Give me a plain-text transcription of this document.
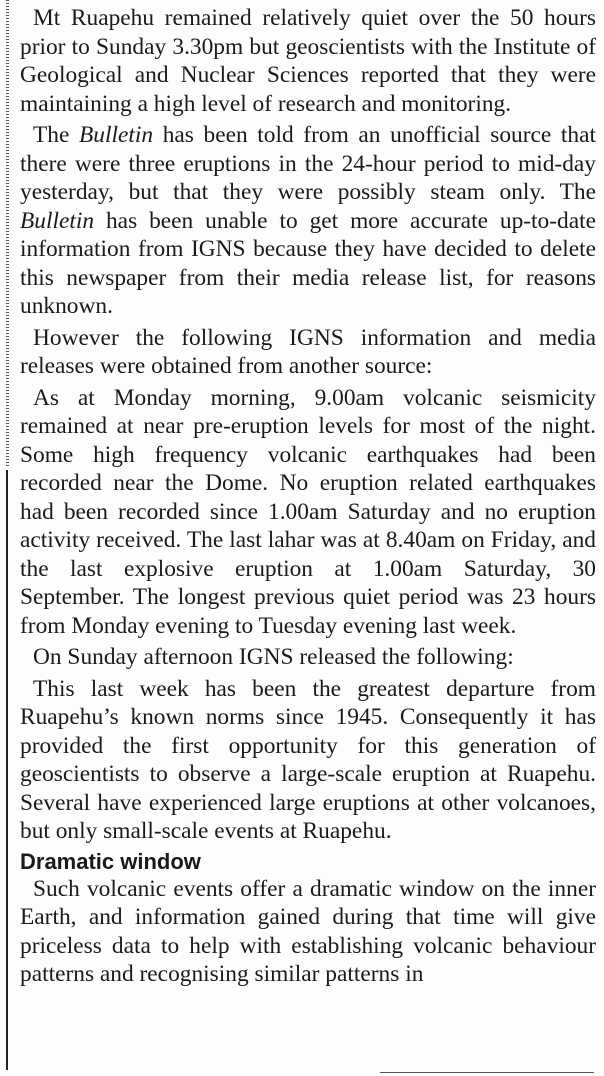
Mt Ruapehu remained relatively quiet over the 50 hours prior to Sunday 3.30pm but geoscientists with the Institute of Geological and Nuclear Sciences reported that they were maintaining a high level of research and monitoring.

The Bulletin has been told from an unofficial source that there were three eruptions in the 24-hour period to mid-day yesterday, but that they were possibly steam only. The Bulletin has been unable to get more accurate up-to-date information from IGNS because they have decided to delete this newspaper from their media release list, for reasons unknown.

However the following IGNS information and media releases were obtained from another source:

As at Monday morning, 9.00am volcanic seismicity remained at near pre-eruption levels for most of the night. Some high frequency volcanic earthquakes had been recorded near the Dome. No eruption related earthquakes had been recorded since 1.00am Saturday and no eruption activity received. The last lahar was at 8.40am on Friday, and the last explosive eruption at 1.00am Saturday, 30 September. The longest previous quiet period was 23 hours from Monday evening to Tuesday evening last week.

On Sunday afternoon IGNS released the following:

This last week has been the greatest departure from Ruapehu’s known norms since 1945. Consequently it has provided the first opportunity for this generation of geoscientists to observe a large-scale eruption at Ruapehu. Several have experienced large eruptions at other volcanoes, but only small-scale events at Ruapehu.

Dramatic window

Such volcanic events offer a dramatic window on the inner Earth, and information gained during that time will give priceless data to help with establishing volcanic behaviour patterns and recognising similar patterns in
